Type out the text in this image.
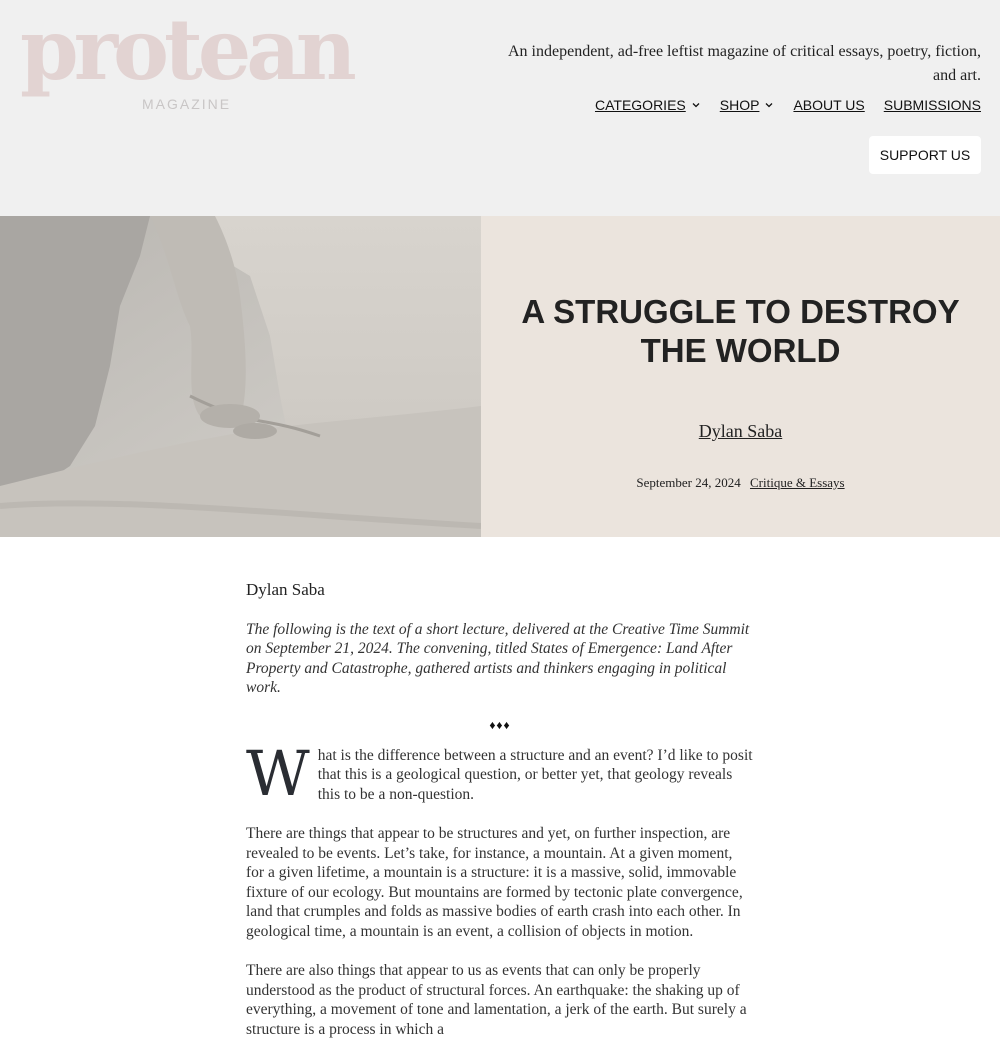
protean
MAGAZINE
An independent, ad-free leftist magazine of critical essays, poetry, fiction, and art.
CATEGORIES SHOP ABOUT US SUBMISSIONS
SUPPORT US
A STRUGGLE TO DESTROY THE WORLD
Dylan Saba
September 24, 2024 Critique & Essays
Dylan Saba

The following is the text of a short lecture, delivered at the Creative Time Summit on September 21, 2024. The convening, titled States of Emergence: Land After Property and Catastrophe, gathered artists and thinkers engaging in political work.

♦♦♦

What is the difference between a structure and an event? I’d like to posit that this is a geological question, or better yet, that geology reveals this to be a non-question.

There are things that appear to be structures and yet, on further inspection, are revealed to be events. Let’s take, for instance, a mountain. At a given moment, for a given lifetime, a mountain is a structure: it is a massive, solid, immovable fixture of our ecology. But mountains are formed by tectonic plate convergence, land that crumples and folds as massive bodies of earth crash into each other. In geological time, a mountain is an event, a collision of objects in motion.

There are also things that appear to us as events that can only be properly understood as the product of structural forces. An earthquake: the shaking up of everything, a movement of tone and lamentation, a jerk of the earth. But surely a structure is a process in which a
